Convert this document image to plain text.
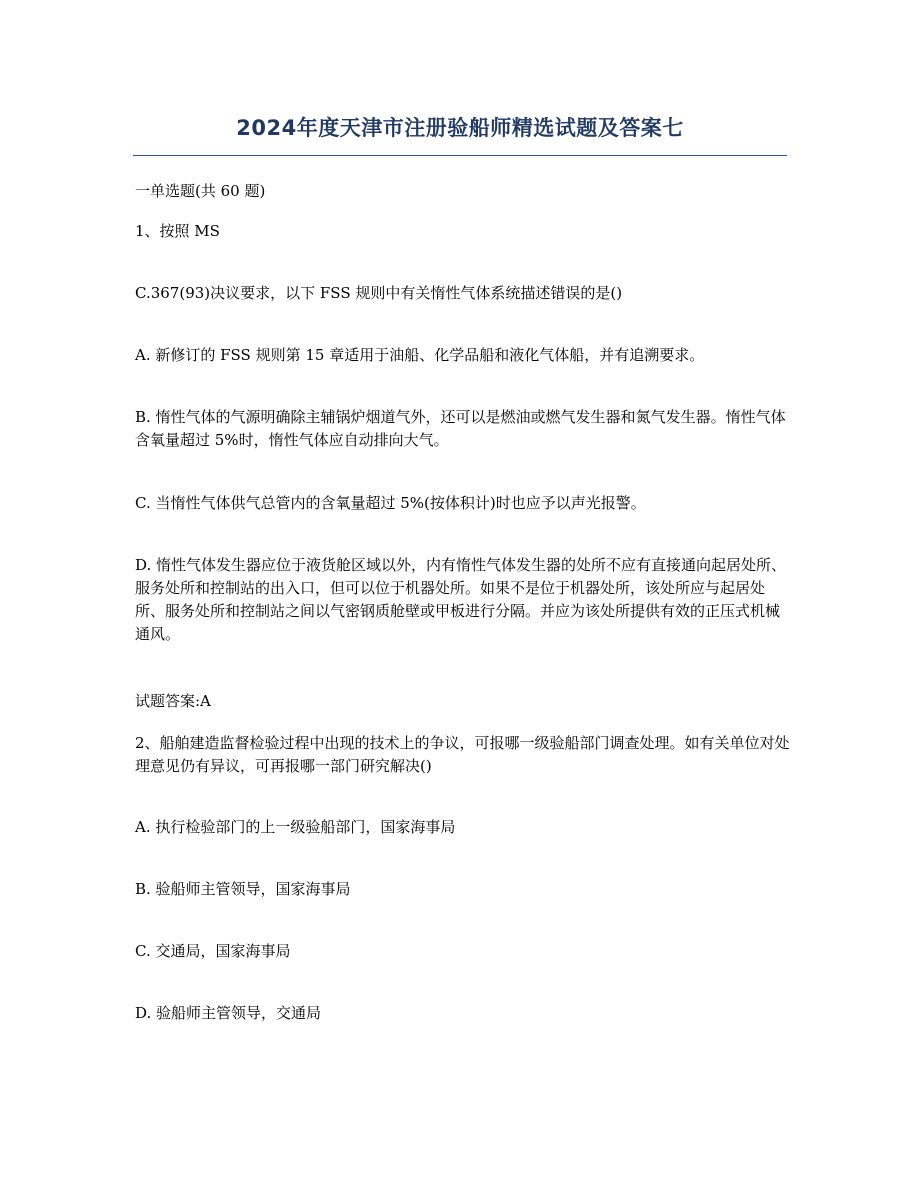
2024年度天津市注册验船师精选试题及答案七

一单选题(共 60 题)

1、按照 MS

C.367(93)决议要求，以下 FSS 规则中有关惰性气体系统描述错误的是()

A. 新修订的 FSS 规则第 15 章适用于油船、化学品船和液化气体船，并有追溯要求。

B. 惰性气体的气源明确除主辅锅炉烟道气外，还可以是燃油或燃气发生器和氮气发生器。惰性气体含氧量超过 5%时，惰性气体应自动排向大气。

C. 当惰性气体供气总管内的含氧量超过 5%(按体积计)时也应予以声光报警。

D. 惰性气体发生器应位于液货舱区域以外，内有惰性气体发生器的处所不应有直接通向起居处所、服务处所和控制站的出入口，但可以位于机器处所。如果不是位于机器处所，该处所应与起居处所、服务处所和控制站之间以气密钢质舱壁或甲板进行分隔。并应为该处所提供有效的正压式机械通风。

试题答案:A

2、船舶建造监督检验过程中出现的技术上的争议，可报哪一级验船部门调查处理。如有关单位对处理意见仍有异议，可再报哪一部门研究解决()

A. 执行检验部门的上一级验船部门，国家海事局

B. 验船师主管领导，国家海事局

C. 交通局，国家海事局

D. 验船师主管领导，交通局
